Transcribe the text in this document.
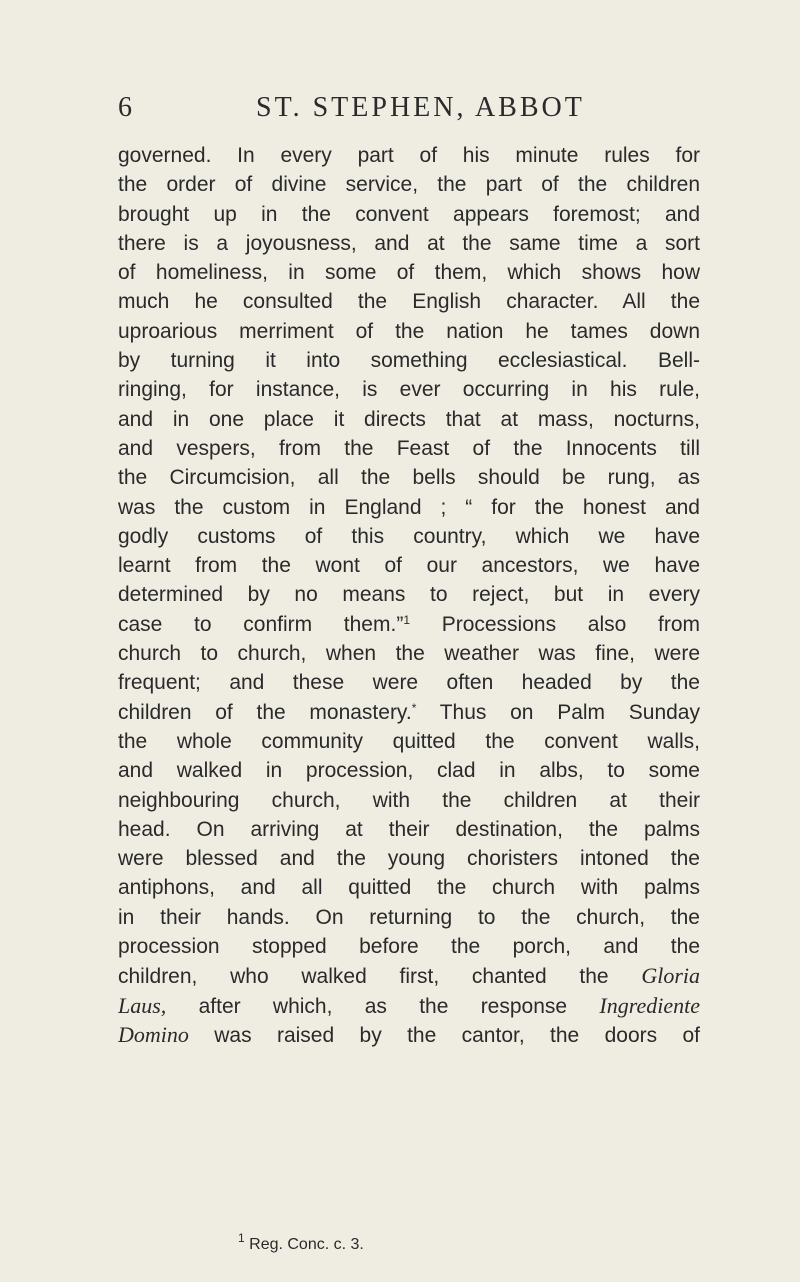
6	ST. STEPHEN, ABBOT
governed. In every part of his minute rules for
the order of divine service, the part of the children
brought up in the convent appears foremost; and
there is a joyousness, and at the same time a sort
of homeliness, in some of them, which shows how
much he consulted the English character. All the
uproarious merriment of the nation he tames down
by turning it into something ecclesiastical. Bell-
ringing, for instance, is ever occurring in his rule,
and in one place it directs that at mass, nocturns,
and vespers, from the Feast of the Innocents till
the Circumcision, all the bells should be rung, as
was the custom in England ; “ for the honest and
godly customs of this country, which we have
learnt from the wont of our ancestors, we have
determined by no means to reject, but in every
case to confirm them.”$^1$ Processions also from
church to church, when the weather was fine, were
frequent; and these were often headed by the
children of the monastery.* Thus on Palm Sunday
the whole community quitted the convent walls,
and walked in procession, clad in albs, to some
neighbouring church, with the children at their
head. On arriving at their destination, the palms
were blessed and the young choristers intoned the
antiphons, and all quitted the church with palms
in their hands. On returning to the church, the
procession stopped before the porch, and the
children, who walked first, chanted the Gloria
Laus, after which, as the response Ingrediente
Domino was raised by the cantor, the doors of
$^1$ Reg. Conc. c. 3.
